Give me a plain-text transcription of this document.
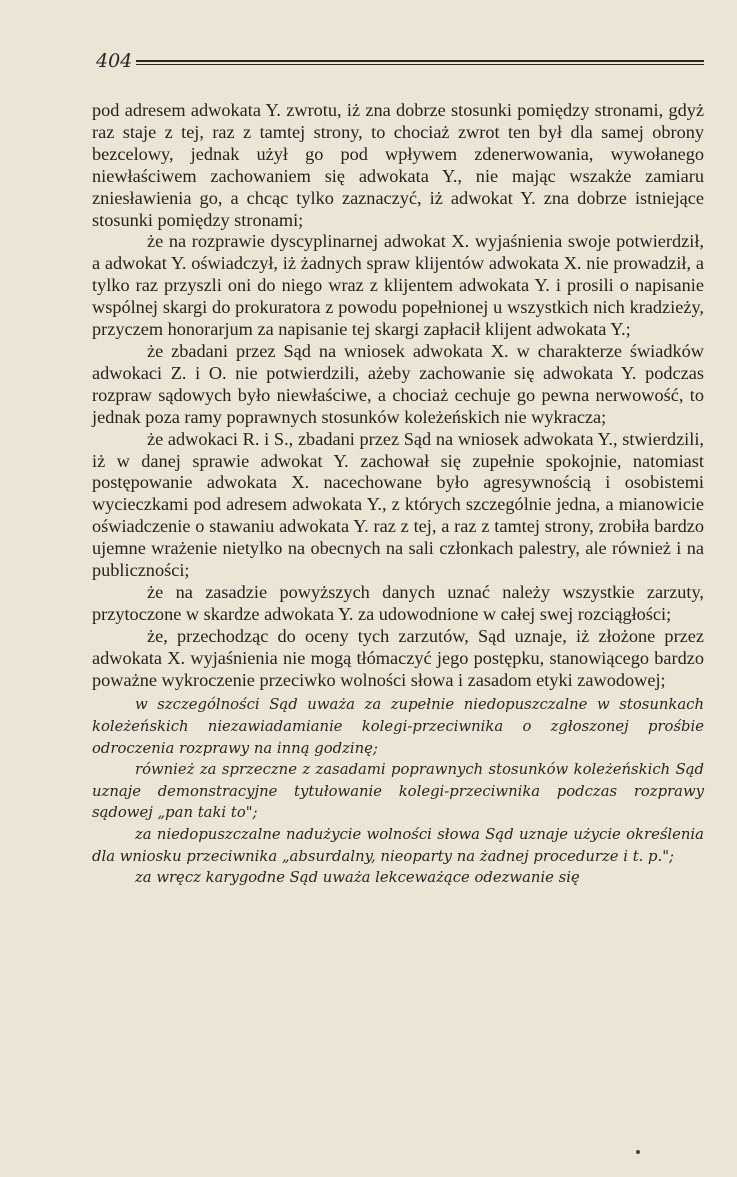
404

pod adresem adwokata Y. zwrotu, iż zna dobrze stosunki pomiędzy stronami, gdyż raz staje z tej, raz z tamtej strony, to chociaż zwrot ten był dla samej obrony bezcelowy, jednak użył go pod wpływem zdenerwowania, wywołanego niewłaściwem zachowaniem się adwokata Y., nie mając wszakże zamiaru zniesławienia go, a chcąc tylko zaznaczyć, iż adwokat Y. zna dobrze istniejące stosunki pomiędzy stronami;

że na rozprawie dyscyplinarnej adwokat X. wyjaśnienia swoje potwierdził, a adwokat Y. oświadczył, iż żadnych spraw klijentów adwokata X. nie prowadził, a tylko raz przyszli oni do niego wraz z klijentem adwokata Y. i prosili o napisanie wspólnej skargi do prokuratora z powodu popełnionej u wszystkich nich kradzieży, przyczem honorarjum za napisanie tej skargi zapłacił klijent adwokata Y.;

że zbadani przez Sąd na wniosek adwokata X. w charakterze świadków adwokaci Z. i O. nie potwierdzili, ażeby zachowanie się adwokata Y. podczas rozpraw sądowych było niewłaściwe, a chociaż cechuje go pewna nerwowość, to jednak poza ramy poprawnych stosunków koleżeńskich nie wykracza;

że adwokaci R. i S., zbadani przez Sąd na wniosek adwokata Y., stwierdzili, iż w danej sprawie adwokat Y. zachował się zupełnie spokojnie, natomiast postępowanie adwokata X. nacechowane było agresywnością i osobistemi wycieczkami pod adresem adwokata Y., z których szczególnie jedna, a mianowicie oświadczenie o stawaniu adwokata Y. raz z tej, a raz z tamtej strony, zrobiła bardzo ujemne wrażenie nietylko na obecnych na sali członkach palestry, ale również i na publiczności;

że na zasadzie powyższych danych uznać należy wszystkie zarzuty, przytoczone w skardze adwokata Y. za udowodnione w całej swej rozciągłości;

że, przechodząc do oceny tych zarzutów, Sąd uznaje, iż złożone przez adwokata X. wyjaśnienia nie mogą tłómaczyć jego postępku, stanowiącego bardzo poważne wykroczenie przeciwko wolności słowa i zasadom etyki zawodowej;

w szczególności Sąd uważa za zupełnie niedopuszczalne w stosunkach koleżeńskich niezawiadamianie kolegi-przeciwnika o zgłoszonej prośbie odroczenia rozprawy na inną godzinę;

również za sprzeczne z zasadami poprawnych stosunków koleżeńskich Sąd uznaje demonstracyjne tytułowanie kolegi-przeciwnika podczas rozprawy sądowej „pan taki to";

za niedopuszczalne nadużycie wolności słowa Sąd uznaje użycie określenia dla wniosku przeciwnika „absurdalny, nieoparty na żadnej procedurze i t. p.";

za wręcz karygodne Sąd uważa lekceważące odezwanie się
